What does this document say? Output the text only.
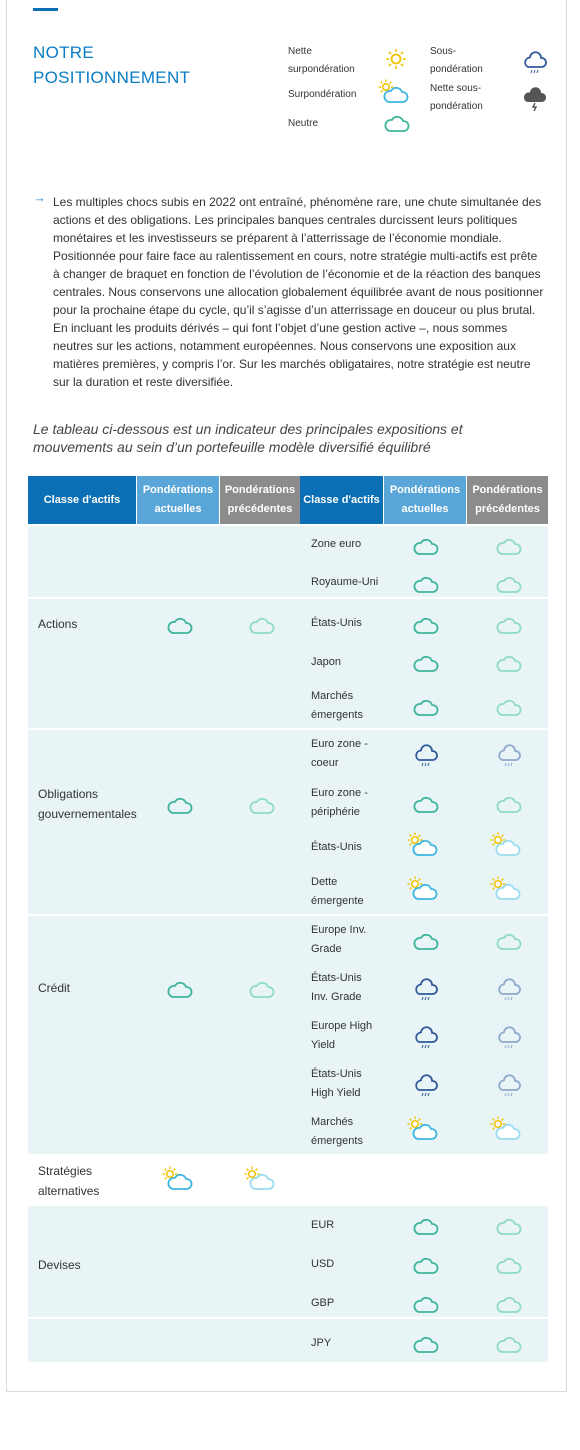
NOTRE
POSITIONNEMENT
Nette
surpondération
Surpondération
Neutre
Sous-
pondération
Nette sous-
pondération
→ Les multiples chocs subis en 2022 ont entraîné, phénomène rare, une chute simultanée des actions et des obligations. Les principales banques centrales durcissent leurs politiques monétaires et les investisseurs se préparent à l’atterrissage de l’économie mondiale. Positionnée pour faire face au ralentissement en cours, notre stratégie multi-actifs est prête à changer de braquet en fonction de l’évolution de l’économie et de la réaction des banques centrales. Nous conservons une allocation globalement équilibrée avant de nous positionner pour la prochaine étape du cycle, qu’il s’agisse d’un atterrissage en douceur ou plus brutal. En incluant les produits dérivés – qui font l’objet d’une gestion active –, nous sommes neutres sur les actions, notamment européennes. Nous conservons une exposition aux matières premières, y compris l’or. Sur les marchés obligataires, notre stratégie est neutre sur la duration et reste diversifiée.
Le tableau ci-dessous est un indicateur des principales expositions et mouvements au sein d’un portefeuille modèle diversifié équilibré
Classe d'actifs
Pondérations
actuelles
Pondérations
précédentes
Classe d'actifs
Pondérations
actuelles
Pondérations
précédentes
Actions
Obligations
gouvernementales
Crédit
Stratégies
alternatives
Devises
Zone euro
Royaume-Uni
États-Unis
Japon
Marchés
émergents
Euro zone -
coeur
Euro zone -
périphérie
États-Unis
Dette
émergente
Europe Inv.
Grade
États-Unis
Inv. Grade
Europe High
Yield
États-Unis
High Yield
Marchés
émergents
EUR
USD
GBP
JPY
